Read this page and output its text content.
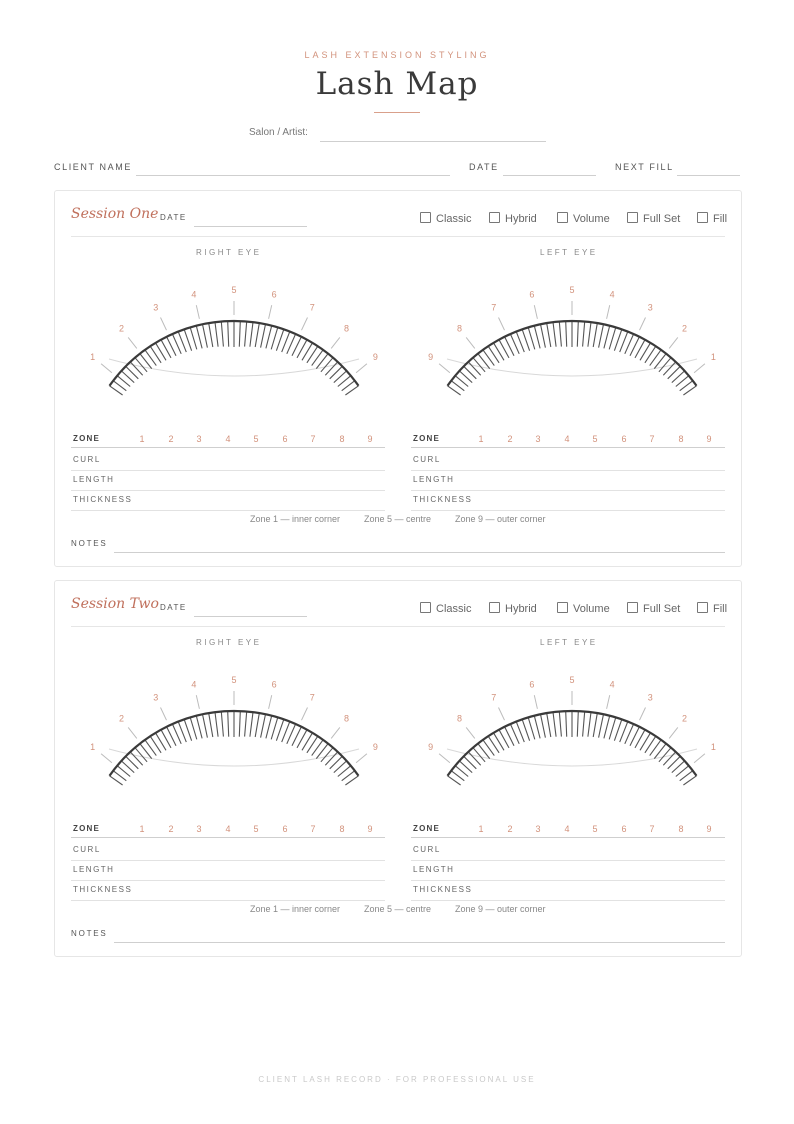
LASH EXTENSION STYLING
Lash Map
Salon / Artist:
CLIENT NAME	DATE	NEXT FILL
Session One DATE	Classic	Hybrid	Volume	Full Set	Fill
RIGHT EYE	LEFT EYE
1
2
3
4	5	6
7
8
9	9
8
7
6	5	4
3
2
1
ZONE	1	2	3	4	5	6	7	8	9
CURL
LENGTH
THICKNESS
ZONE	1	2	3	4	5	6	7	8	9
CURL
LENGTH
THICKNESS
Zone 1 — inner corner	Zone 5 — centre	Zone 9 — outer corner
NOTES
Session Two DATE	Classic	Hybrid	Volume	Full Set	Fill
RIGHT EYE	LEFT EYE
1
2
3
4	5	6
7
8
9	9
8
7
6	5	4
3
2
1
ZONE	1	2	3	4	5	6	7	8	9
CURL
LENGTH
THICKNESS
ZONE	1	2	3	4	5	6	7	8	9
CURL
LENGTH
THICKNESS
Zone 1 — inner corner	Zone 5 — centre	Zone 9 — outer corner
NOTES
CLIENT LASH RECORD · FOR PROFESSIONAL USE
